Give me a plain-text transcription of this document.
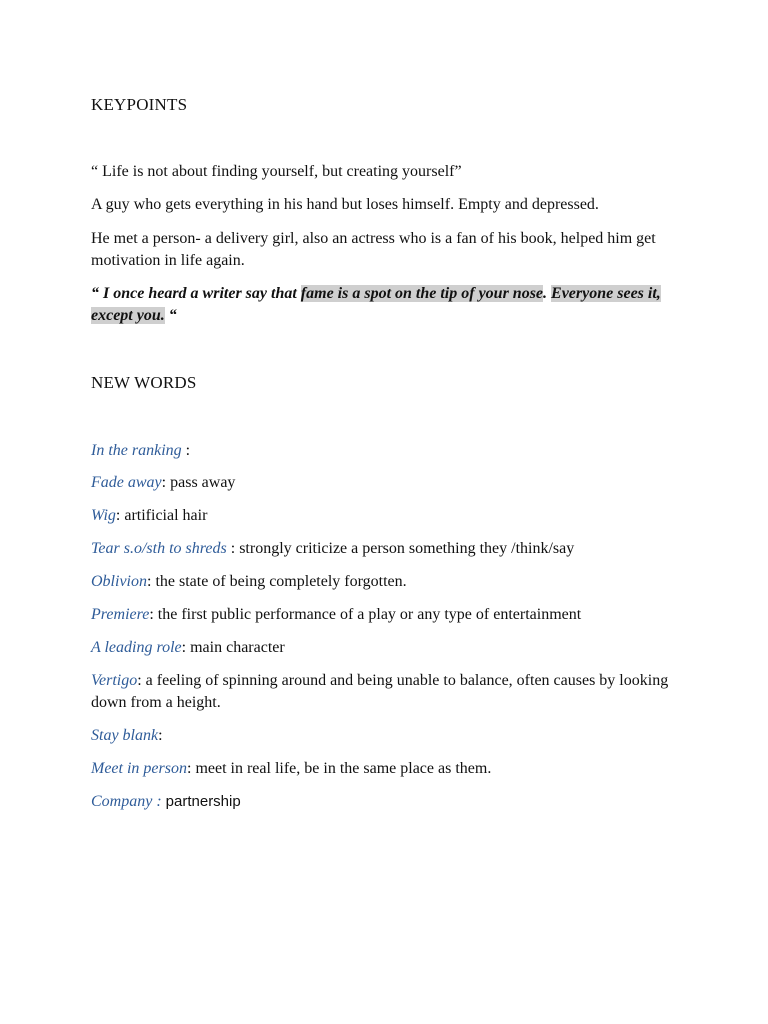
KEYPOINTS
“ Life is not about finding yourself, but creating yourself”
A guy who gets everything in his hand but loses himself. Empty and depressed.
He met a person- a delivery girl, also an actress who is a fan of his book, helped him get motivation in life again.
“ I once heard a writer say that fame is a spot on the tip of your nose. Everyone sees it, except you. “
NEW WORDS
In the ranking :
Fade away: pass away
Wig: artificial hair
Tear s.o/sth to shreds : strongly criticize a person something they /think/say
Oblivion: the state of being completely forgotten.
Premiere: the first public performance of a play or any type of entertainment
A leading role: main character
Vertigo: a feeling of spinning around and being unable to balance, often causes by looking down from a height.
Stay blank:
Meet in person: meet in real life, be in the same place as them.
Company : partnership
